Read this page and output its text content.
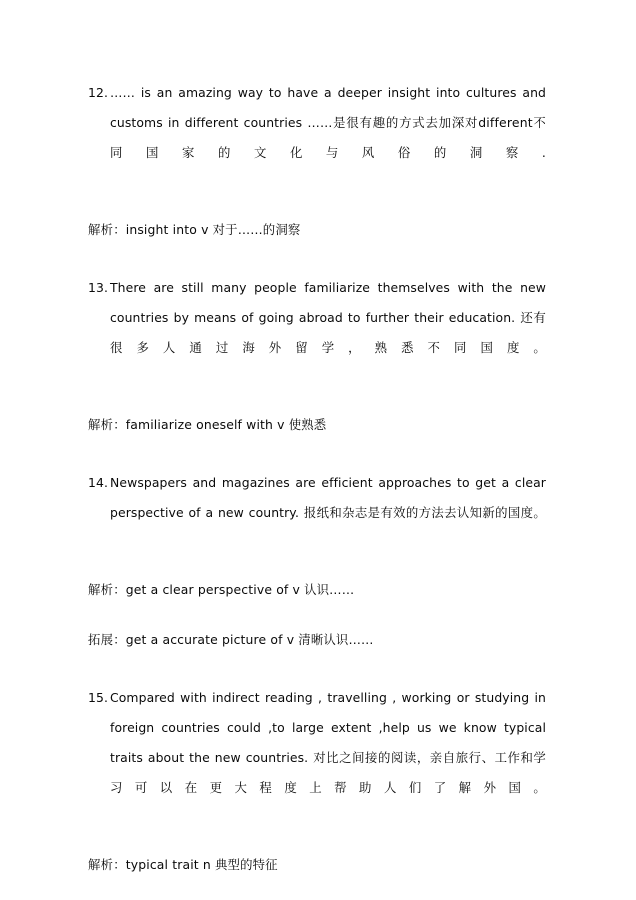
12. …… is an amazing way to have a deeper insight into cultures and customs in different countries ……是很有趣的方式去加深对different不同国家的文化与风俗的洞察.
解析：insight into v 对于……的洞察
13. There are still many people familiarize themselves with the new countries by means of going abroad to further their education. 还有很多人通过海外留学，熟悉不同国度。
解析：familiarize oneself with v 使熟悉
14. Newspapers and magazines are efficient approaches to get a clear perspective of a new country. 报纸和杂志是有效的方法去认知新的国度。
解析：get a clear perspective of v 认识……
拓展：get a accurate picture of v 清晰认识……
15. Compared with indirect reading , travelling , working or studying in foreign countries could ,to large extent ,help us we know typical traits about the new countries. 对比之间接的阅读，亲自旅行、工作和学习可以在更大程度上帮助人们了解外国。
解析：typical trait n 典型的特征
